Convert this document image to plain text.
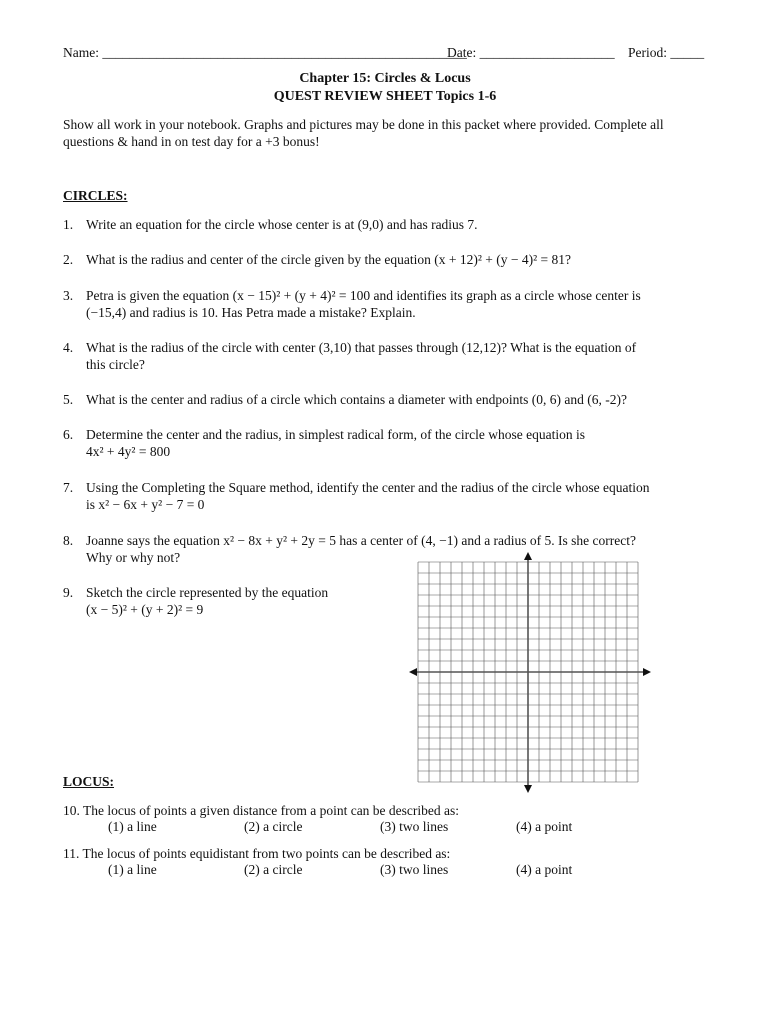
Name: ______________________________________________________
Date: ____________________ Period: _____
Chapter 15: Circles & Locus
QUEST REVIEW SHEET Topics 1-6
Show all work in your notebook. Graphs and pictures may be done in this packet where provided. Complete all questions & hand in on test day for a +3 bonus!
CIRCLES:
1. Write an equation for the circle whose center is at (9,0) and has radius 7.
2. What is the radius and center of the circle given by the equation (x + 12)² + (y − 4)² = 81?
3. Petra is given the equation (x − 15)² + (y + 4)² = 100 and identifies its graph as a circle whose center is
(−15,4) and radius is 10. Has Petra made a mistake? Explain.
4. What is the radius of the circle with center (3,10) that passes through (12,12)? What is the equation of
this circle?
5. What is the center and radius of a circle which contains a diameter with endpoints (0, 6) and (6, -2)?
6. Determine the center and the radius, in simplest radical form, of the circle whose equation is
4x² + 4y² = 800
7. Using the Completing the Square method, identify the center and the radius of the circle whose equation
is x² − 6x + y² − 7 = 0
8. Joanne says the equation x² − 8x + y² + 2y = 5 has a center of (4, −1) and a radius of 5. Is she correct?
Why or why not?
9. Sketch the circle represented by the equation
(x − 5)² + (y + 2)² = 9
LOCUS:
10. The locus of points a given distance from a point can be described as:
(1) a line	(2) a circle	(3) two lines	(4) a point
11. The locus of points equidistant from two points can be described as:
(1) a line	(2) a circle	(3) two lines	(4) a point
